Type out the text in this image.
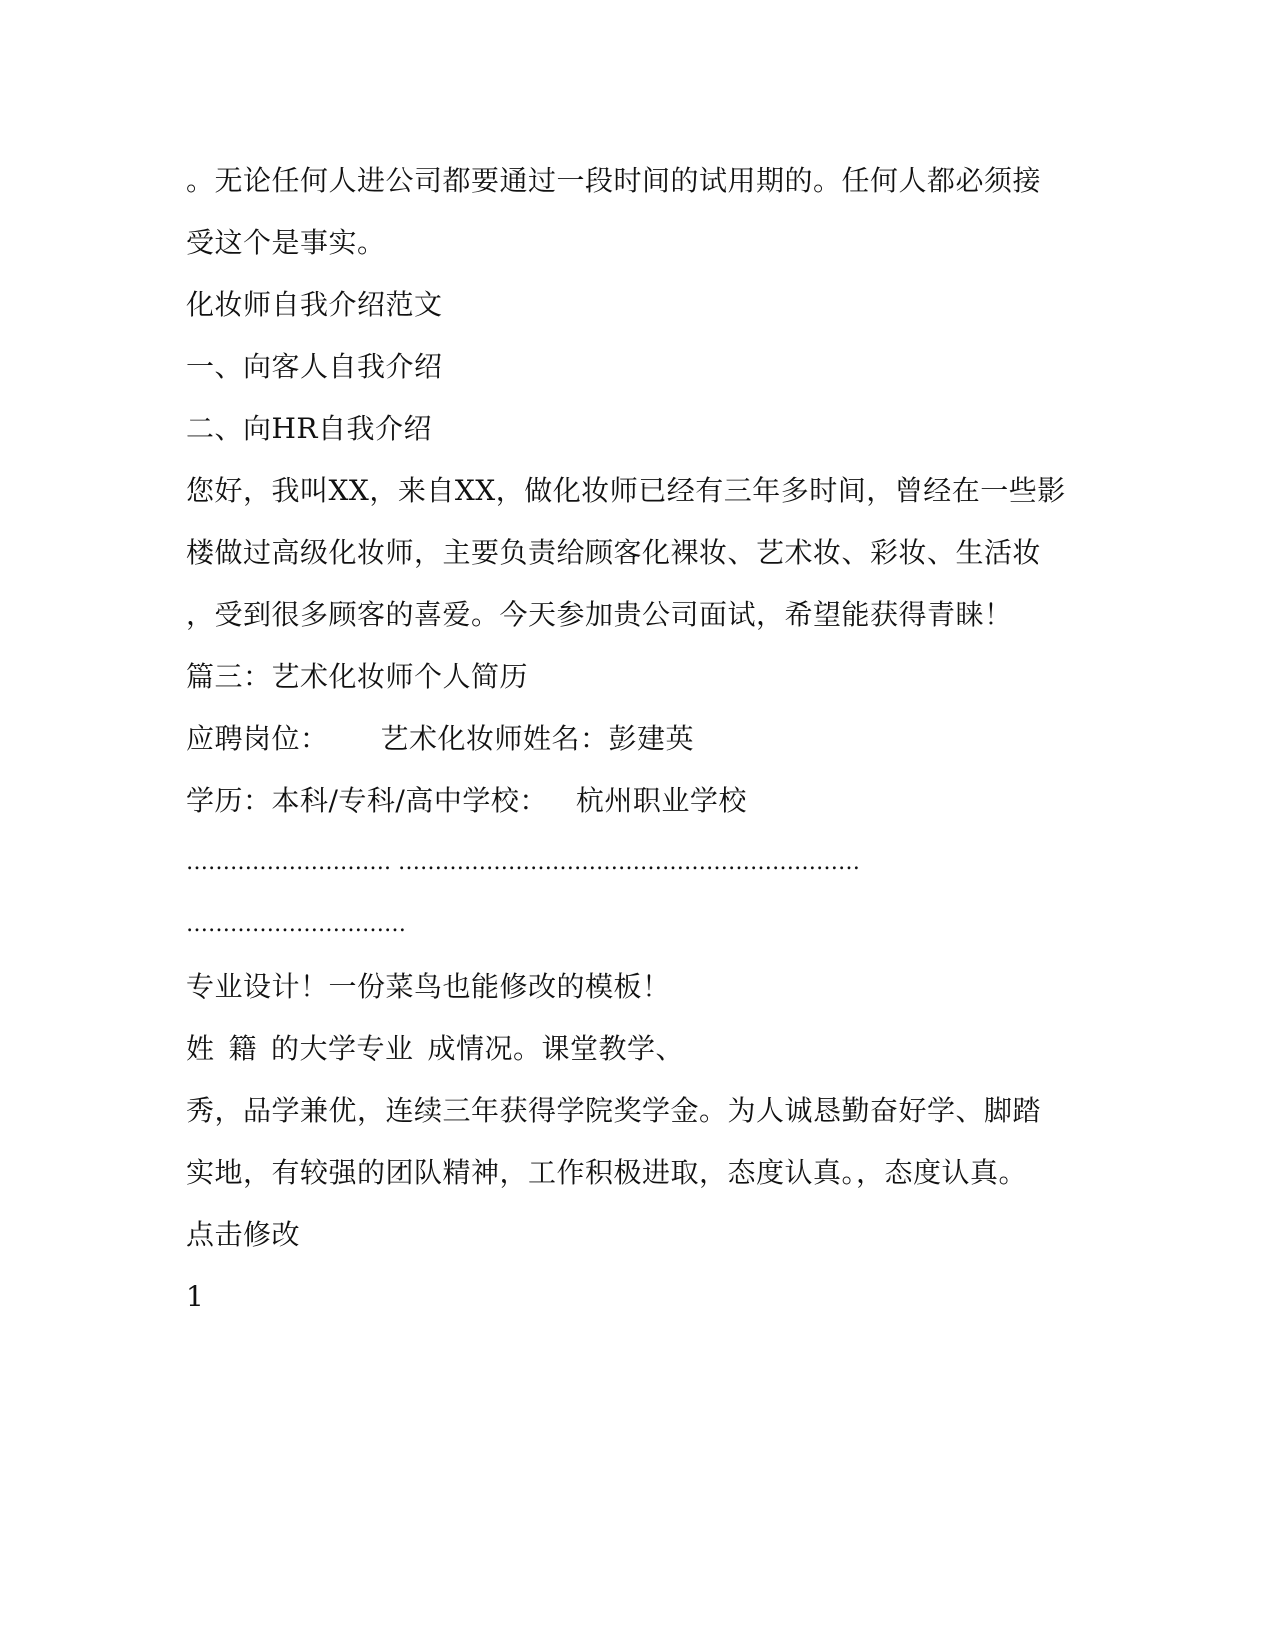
。无论任何人进公司都要通过一段时间的试用期的。任何人都必须接
受这个是事实。
化妆师自我介绍范文
一、向客人自我介绍
二、向HR自我介绍
您好，我叫XX，来自XX，做化妆师已经有三年多时间，曾经在一些影
楼做过高级化妆师，主要负责给顾客化裸妆、艺术妆、彩妆、生活妆
，受到很多顾客的喜爱。今天参加贵公司面试，希望能获得青睐！
篇三：艺术化妆师个人简历
应聘岗位： 艺术化妆师姓名：彭建英
学历：本科/专科/高中学校： 杭州职业学校
………………………. ………………………………………………………
…………………………
专业设计！一份菜鸟也能修改的模板！
姓 籍 的大学专业 成情况。课堂教学、
秀，品学兼优，连续三年获得学院奖学金。为人诚恳勤奋好学、脚踏
实地，有较强的团队精神，工作积极进取，态度认真。，态度认真。
点击修改
1
